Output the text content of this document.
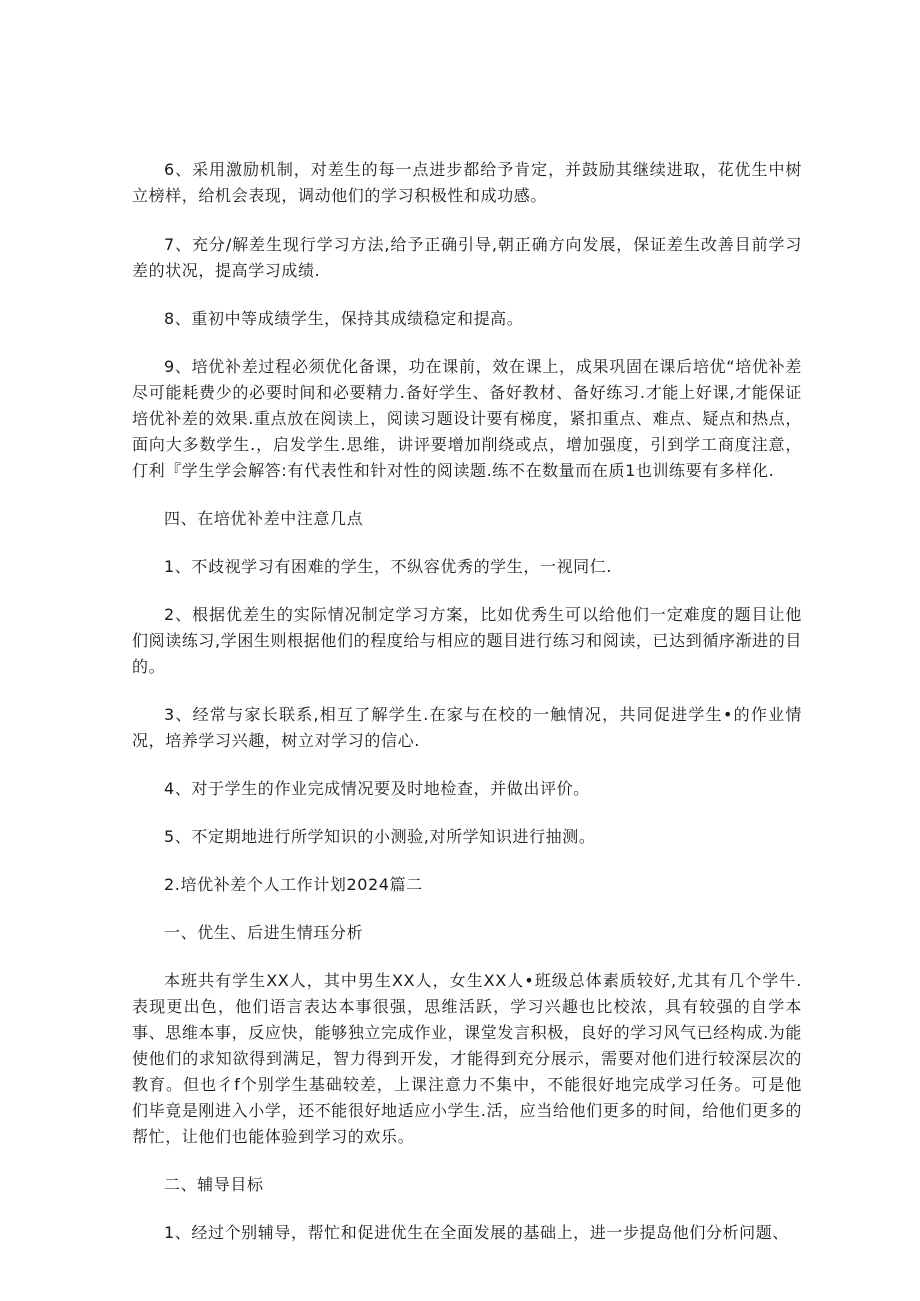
6、采用激励机制，对差生的每一点进步都给予肯定，并鼓励其继续进取，花优生中树立榜样，给机会表现，调动他们的学习积极性和成功感。

7、充分/解差生现行学习方法,给予正确引导,朝正确方向发展，保证差生改善目前学习差的状况，提高学习成绩.

8、重初中等成绩学生，保持其成绩稳定和提高。

9、培优补差过程必须优化备课，功在课前，效在课上，成果巩固在课后培优“培优补差尽可能耗费少的必要时间和必要精力.备好学生、备好教材、备好练习.才能上好课,才能保证培优补差的效果.重点放在阅读上，阅读习题设计要有梯度，紧扣重点、难点、疑点和热点，面向大多数学生.，启发学生.思维，讲评要增加削绕或点，增加强度，引到学工商度注意，仃利『学生学会解答:有代表性和针对性的阅读题.练不在数量而在质1也训练要有多样化.

四、在培优补差中注意几点

1、不歧视学习有困难的学生，不纵容优秀的学生，一视同仁.

2、根据优差生的实际情况制定学习方案，比如优秀生可以给他们一定难度的题目让他们阅读练习,学困生则根据他们的程度给与相应的题目进行练习和阅读，已达到循序渐进的目的。

3、经常与家长联系,相互了解学生.在家与在校的一触情况，共同促进学生•的作业情况，培养学习兴趣，树立对学习的信心.

4、对于学生的作业完成情况要及时地检查，并做出评价。

5、不定期地进行所学知识的小测验,对所学知识进行抽测。

2.培优补差个人工作计划2024篇二

一、优生、后进生情珏分析

本班共有学生XX人，其中男生XX人，女生XX人•班级总体素质较好,尤其有几个学牛.表现更出色，他们语言表达本事很强，思维活跃，学习兴趣也比校浓，具有较强的自学本事、思维本事，反应快，能够独立完成作业，课堂发言积极，良好的学习风气已经构成.为能使他们的求知欲得到满足，智力得到开发，才能得到充分展示，需要对他们进行较深层次的教育。但也彳f个别学生基础较差，上课注意力不集中，不能很好地完成学习任务。可是他们毕竟是刚进入小学，还不能很好地适应小学生.活，应当给他们更多的时间，给他们更多的帮忙，让他们也能体验到学习的欢乐。

二、辅导目标

1、经过个别辅导，帮忙和促进优生在全面发展的基础上，进一步提岛他们分析问题、
